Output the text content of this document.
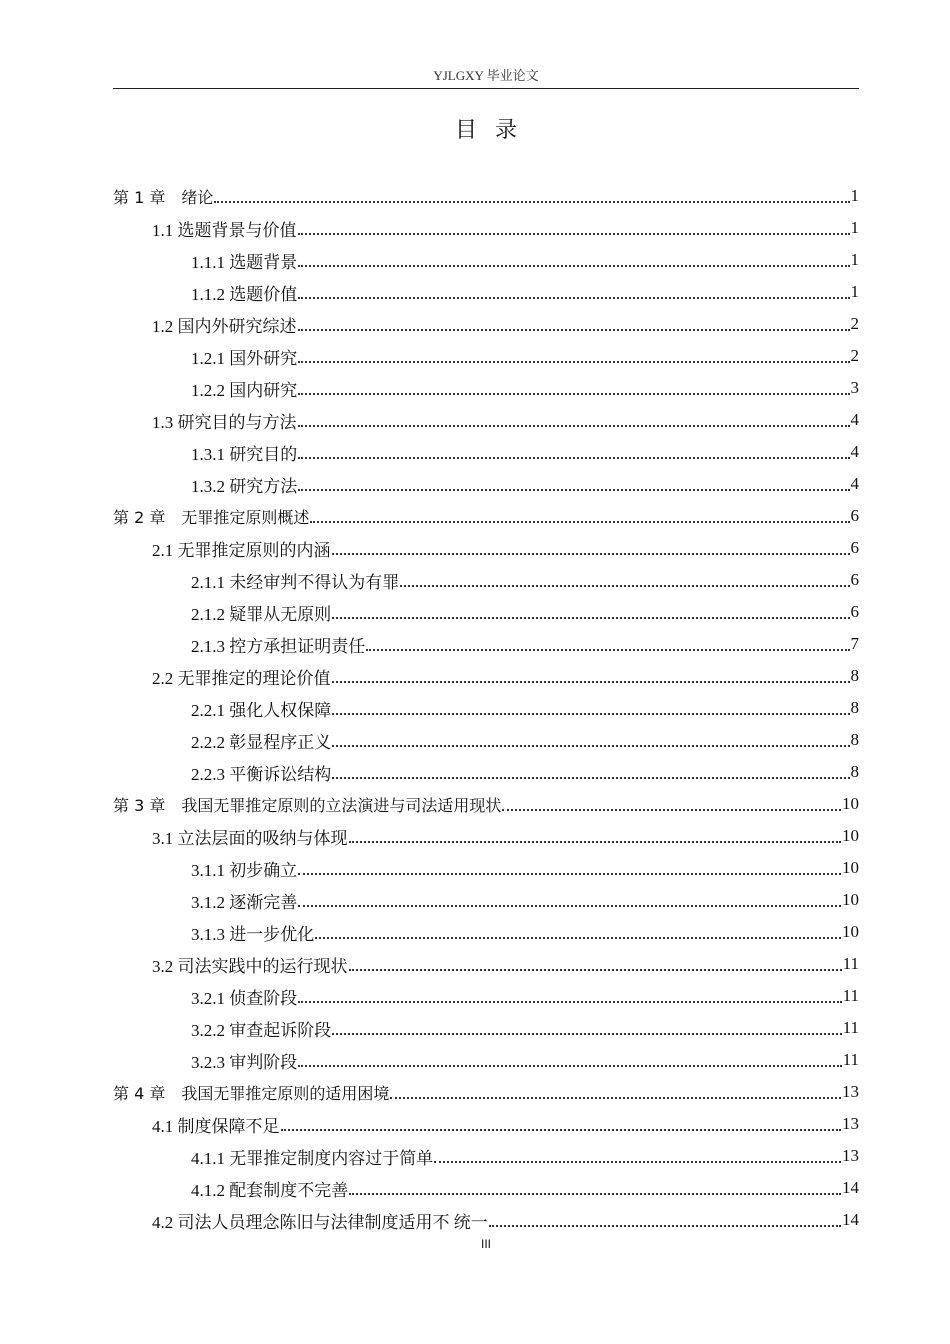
YJLGXY 毕业论文
目录
第 1 章　绪论	1
1.1 选题背景与价值	1
1.1.1 选题背景	1
1.1.2 选题价值	1
1.2 国内外研究综述	2
1.2.1 国外研究	2
1.2.2 国内研究	3
1.3 研究目的与方法	4
1.3.1 研究目的	4
1.3.2 研究方法	4
第 2 章　无罪推定原则概述	6
2.1 无罪推定原则的内涵	6
2.1.1 未经审判不得认为有罪	6
2.1.2 疑罪从无原则	6
2.1.3 控方承担证明责任	7
2.2 无罪推定的理论价值	8
2.2.1 强化人权保障	8
2.2.2 彰显程序正义	8
2.2.3 平衡诉讼结构	8
第 3 章　我国无罪推定原则的立法演进与司法适用现状	10
3.1 立法层面的吸纳与体现	10
3.1.1 初步确立	10
3.1.2 逐渐完善	10
3.1.3 进一步优化	10
3.2 司法实践中的运行现状	11
3.2.1 侦查阶段	11
3.2.2 审查起诉阶段	11
3.2.3 审判阶段	11
第 4 章　我国无罪推定原则的适用困境	13
4.1 制度保障不足	13
4.1.1 无罪推定制度内容过于简单	13
4.1.2 配套制度不完善	14
4.2 司法人员理念陈旧与法律制度适用不 统一	14
III
